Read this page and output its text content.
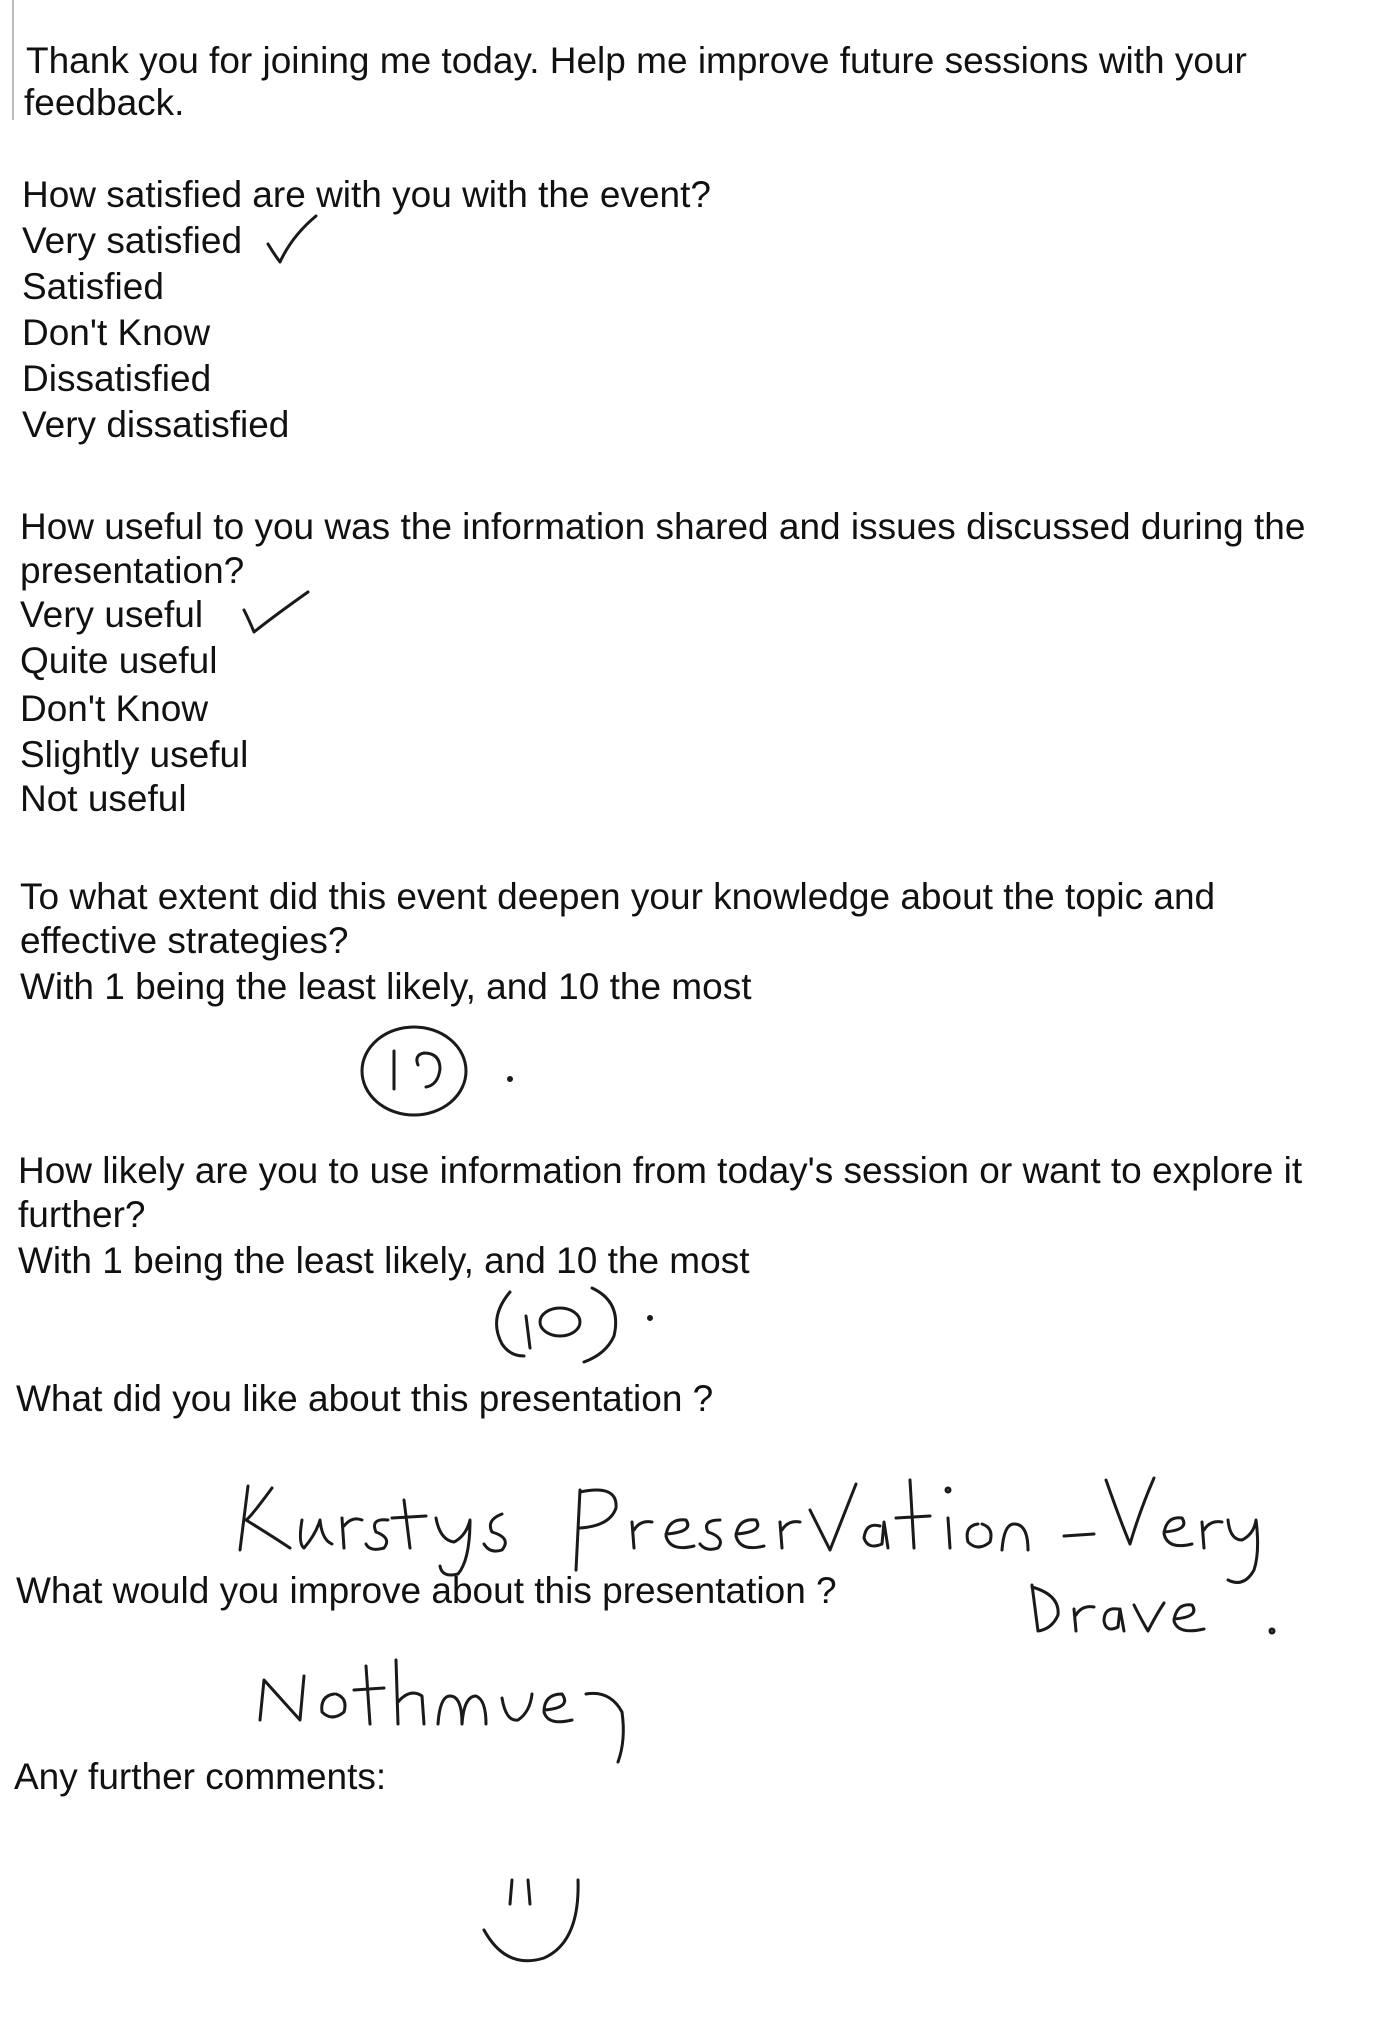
Thank you for joining me today. Help me improve future sessions with your
feedback.
How satisfied are with you with the event?
Very satisfied
Satisfied
Don't Know
Dissatisfied
Very dissatisfied
How useful to you was the information shared and issues discussed during the
presentation?
Very useful
Quite useful
Don't Know
Slightly useful
Not useful
To what extent did this event deepen your knowledge about the topic and
effective strategies?
With 1 being the least likely, and 10 the most
How likely are you to use information from today's session or want to explore it
further?
With 1 being the least likely, and 10 the most
What did you like about this presentation ?
What would you improve about this presentation ?
Any further comments:
